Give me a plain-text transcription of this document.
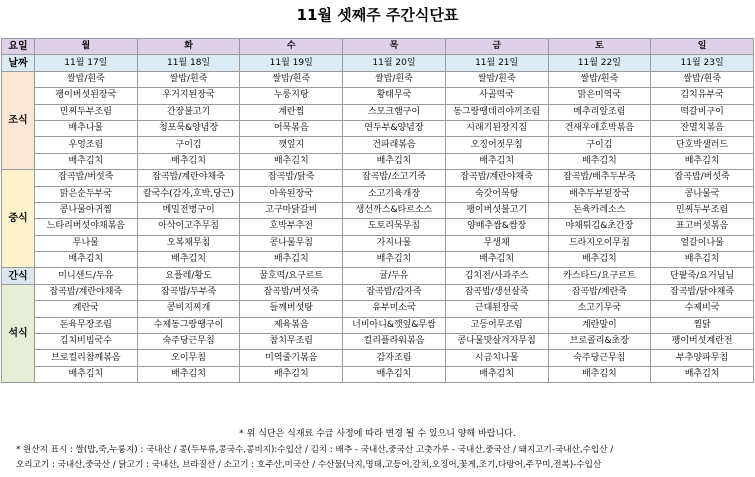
11월 셋째주 주간식단표
요일	월	화	수	목	금	토	일
날짜	11월 17일	11월 18일	11월 19일	11월 20일	11월 21일	11월 22일	11월 23일
조식	쌀밥/흰죽	쌀밥/흰죽	쌀밥/흰죽	쌀밥/흰죽	쌀밥/흰죽	쌀밥/흰죽	쌀밥/흰죽
	팽이버섯된장국	우거지된장국	누룽지탕	황태무국	사골떡국	맑은미역국	김치유부국
	민찌두부조림	간장불고기	계란찜	스모크햄구이	동그랑땡데리야끼조림	메추리알조림	떡갈비구이
	배추나물	청포묵&양념장	어묵볶음	연두부&양념장	시래기된장지짐	건새우애호박볶음	잔멸치볶음
	우엉조림	구이김	깻잎지	건파래볶음	오징어젓무침	구이김	단호박샐러드
	배추김치	배추김치	배추김치	배추김치	배추김치	배추김치	배추김치
중식	잡곡밥/버섯죽	잡곡밥/계란야채죽	잡곡밥/닭죽	잡곡밥/소고기죽	잡곡밥/계란야채죽	잡곡밥/배추두부죽	잡곡밥/버섯죽
	맑은순두부국	칼국수(감자,호박,당근)	아욱된장국	소고기육개장	숙갓어묵탕	배추두부된장국	콩나물국
	콩나물아귀찜	메밀전병구이	고구마닭갈비	생선까스&타르소스	팽이버섯불고기	돈육카레소스	민찌두부조림
	느타리버섯야채볶음	아삭이고추무침	호박부추전	도토리묵무침	양배추쌈&쌈장	야채튀김&초간장	표고버섯볶음
	무나물	오복채무침	콩나물무침	가지나물	무생채	드라지오이무침	얼갈이나물
	배추김치	배추김치	배추김치	배추김치	배추김치	배추김치	배추김치
간식	미니샌드/두유	요플레/황도	꿀호떡/요구르트	귤/두유	김치전/사과주스	카스타드/요구르트	단팥죽/요거님님
석식	잡곡밥/계란야채죽	잡곡밥/두부죽	잡곡밥/버섯죽	잡곡밥/감자죽	잡곡밥/생선살죽	잡곡밥/계란죽	잡곡밥/닭야채죽
	계란국	콩비지찌개	들깨버섯탕	유부미소국	근대된장국	소고기무국	수제비국
	돈육무장조림	수제동그랑땡구이	제육볶음	너비아니&깻잎&무쌈	고등어무조림	계란말이	찜닭
	김치비빔국수	숙주당근무침	참치무조림	컬리플라워볶음	콩나물맛살겨자무침	브로콜리&초장	팽이버섯계란전
	브로컬리참깨볶음	오이무침	미역줄기볶음	감자조림	시금치나물	숙주당근무침	부추양파무침
	배추김치	배추김치	배추김치	배추김치	배추김치	배추김치	배추김치
* 위 식단은 식재료 수급 사정에 따라 변경 될 수 있으니 양해 바랍니다.
* 원산지 표시 : 쌀(밥,죽,누룽지) : 국내산 / 콩(두부류,콩국수,콩비지):수입산 / 김치 : 배추 - 국내산,중국산 고춧가루 - 국내산,중국산 / 돼지고기-국내산,수입산 /
오리고기 : 국내산,중국산 / 닭고기 : 국내산, 브라질산 / 소고기 : 호주산,미국산 / 수산물(낙지,명태,고등어,갈치,오징어,꽃게,조기,다랑어,주꾸미,전복)-수입산
